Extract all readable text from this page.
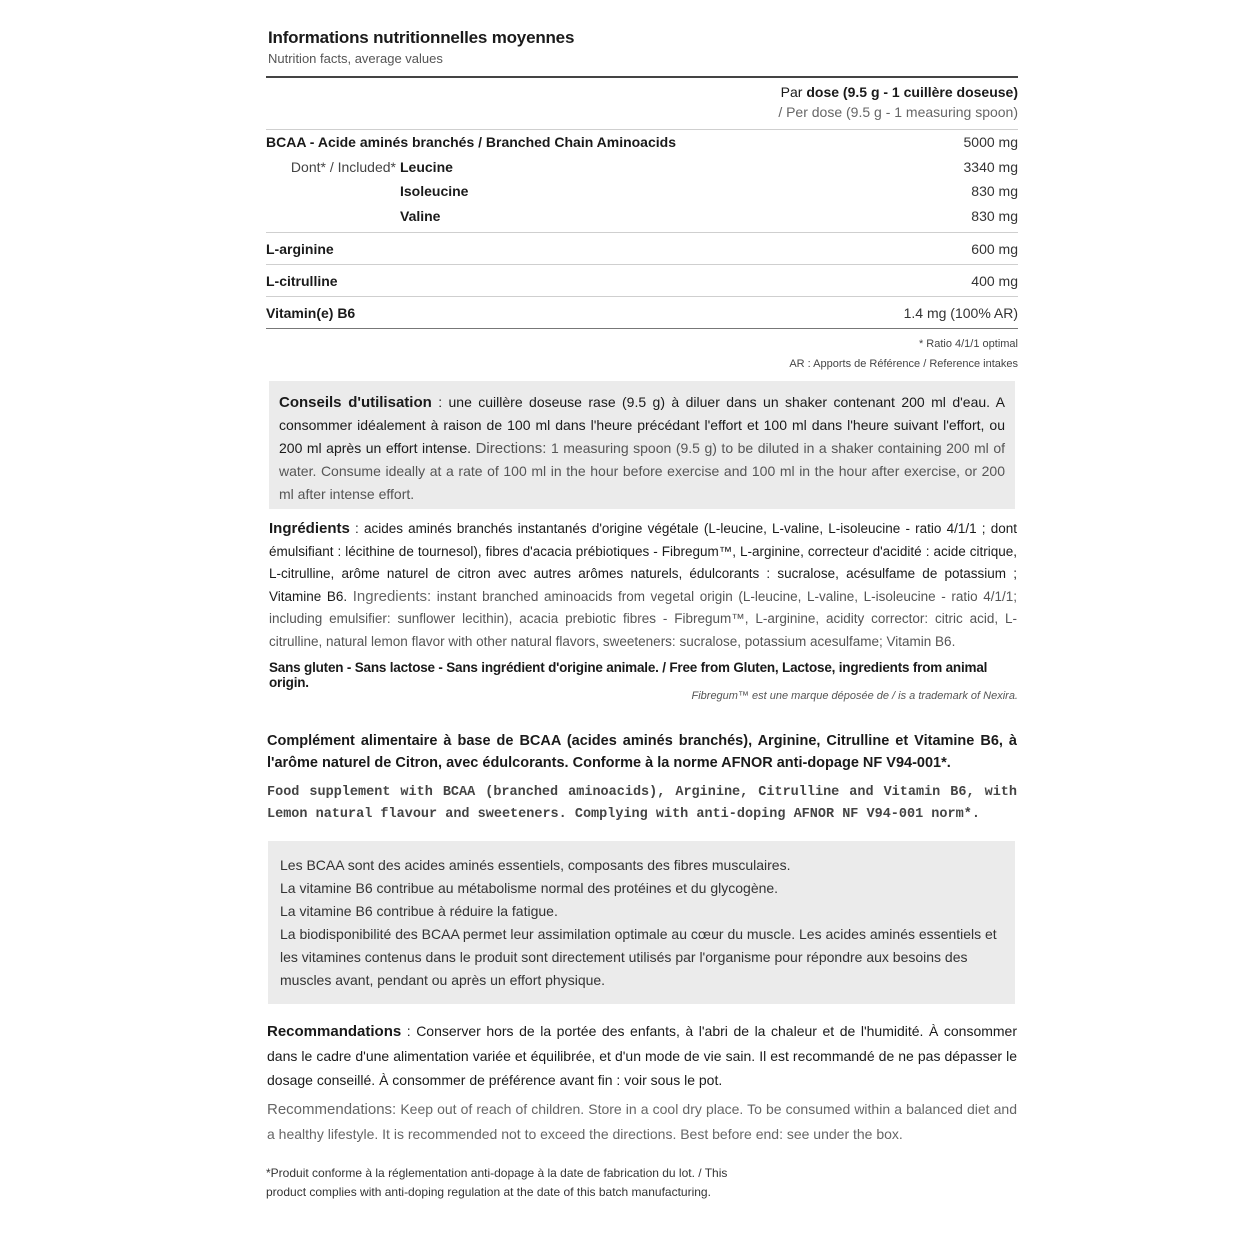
Informations nutritionnelles moyennes
Nutrition facts, average values
Par dose (9.5 g - 1 cuillère doseuse)
/ Per dose (9.5 g - 1 measuring spoon)
BCAA - Acide aminés branchés / Branched Chain Aminoacids	5000 mg
Dont* / Included* Leucine	3340 mg
Isoleucine	830 mg
Valine	830 mg
L-arginine	600 mg
L-citrulline	400 mg
Vitamin(e) B6	1.4 mg (100% AR)
* Ratio 4/1/1 optimal
AR : Apports de Référence / Reference intakes

Conseils d'utilisation : une cuillère doseuse rase (9.5 g) à diluer dans un shaker contenant 200 ml d'eau. A consommer idéalement à raison de 100 ml dans l'heure précédant l'effort et 100 ml dans l'heure suivant l'effort, ou 200 ml après un effort intense. Directions: 1 measuring spoon (9.5 g) to be diluted in a shaker containing 200 ml of water. Consume ideally at a rate of 100 ml in the hour before exercise and 100 ml in the hour after exercise, or 200 ml after intense effort.

Ingrédients : acides aminés branchés instantanés d'origine végétale (L-leucine, L-valine, L-isoleucine - ratio 4/1/1 ; dont émulsifiant : lécithine de tournesol), fibres d'acacia prébiotiques - Fibregum™, L-arginine, correcteur d'acidité : acide citrique, L-citrulline, arôme naturel de citron avec autres arômes naturels, édulcorants : sucralose, acésulfame de potassium ; Vitamine B6. Ingredients: instant branched aminoacids from vegetal origin (L-leucine, L-valine, L-isoleucine - ratio 4/1/1; including emulsifier: sunflower lecithin), acacia prebiotic fibres - Fibregum™, L-arginine, acidity corrector: citric acid, L-citrulline, natural lemon flavor with other natural flavors, sweeteners: sucralose, potassium acesulfame; Vitamin B6.
Sans gluten - Sans lactose - Sans ingrédient d'origine animale. / Free from Gluten, Lactose, ingredients from animal origin.
Fibregum™ est une marque déposée de / is a trademark of Nexira.
Complément alimentaire à base de BCAA (acides aminés branchés), Arginine, Citrulline et Vitamine B6, à l'arôme naturel de Citron, avec édulcorants. Conforme à la norme AFNOR anti-dopage NF V94-001*.
Food supplement with BCAA (branched aminoacids), Arginine, Citrulline and Vitamin B6, with Lemon natural flavour and sweeteners. Complying with anti-doping AFNOR NF V94-001 norm*.

Les BCAA sont des acides aminés essentiels, composants des fibres musculaires.
La vitamine B6 contribue au métabolisme normal des protéines et du glycogène.
La vitamine B6 contribue à réduire la fatigue.
La biodisponibilité des BCAA permet leur assimilation optimale au cœur du muscle. Les acides aminés essentiels et les vitamines contenus dans le produit sont directement utilisés par l'organisme pour répondre aux besoins des muscles avant, pendant ou après un effort physique.

Recommandations : Conserver hors de la portée des enfants, à l'abri de la chaleur et de l'humidité. À consommer dans le cadre d'une alimentation variée et équilibrée, et d'un mode de vie sain. Il est recommandé de ne pas dépasser le dosage conseillé. À consommer de préférence avant fin : voir sous le pot.
Recommendations: Keep out of reach of children. Store in a cool dry place. To be consumed within a balanced diet and a healthy lifestyle. It is recommended not to exceed the directions. Best before end: see under the box.
*Produit conforme à la réglementation anti-dopage à la date de fabrication du lot. / This product complies with anti-doping regulation at the date of this batch manufacturing.
